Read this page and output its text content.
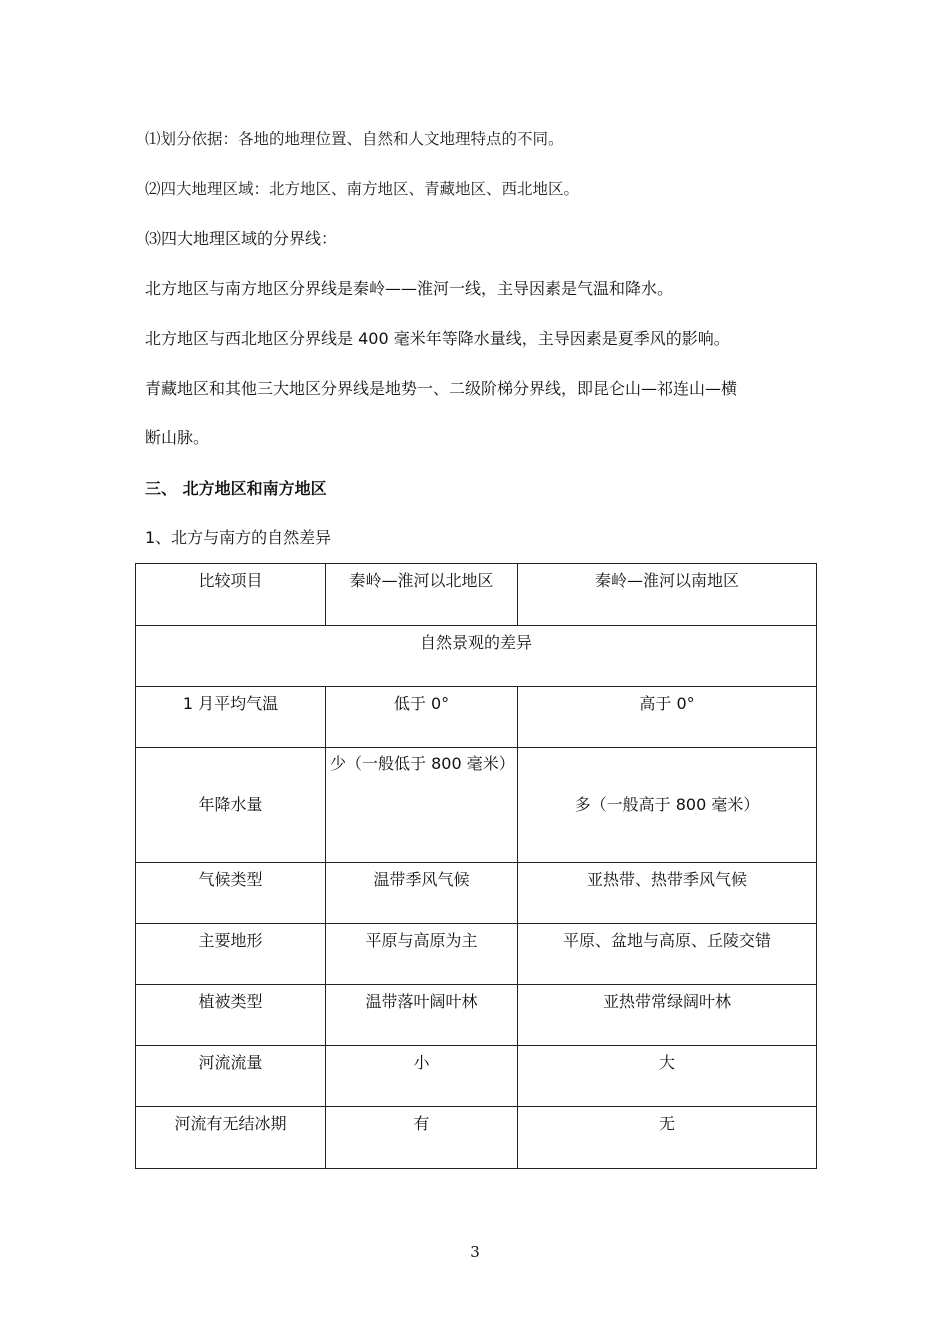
⑴划分依据：各地的地理位置、自然和人文地理特点的不同。
⑵四大地理区域：北方地区、南方地区、青藏地区、西北地区。
⑶四大地理区域的分界线：
北方地区与南方地区分界线是秦岭——淮河一线，主导因素是气温和降水。
北方地区与西北地区分界线是 400 毫米年等降水量线，主导因素是夏季风的影响。
青藏地区和其他三大地区分界线是地势一、二级阶梯分界线，即昆仑山—祁连山—横
断山脉。
三、 北方地区和南方地区
1、北方与南方的自然差异
比较项目	秦岭—淮河以北地区	秦岭—淮河以南地区
自然景观的差异		
1 月平均气温	低于 0°	高于 0°
年降水量	少（一般低于 800 毫米）	多（一般高于 800 毫米）
气候类型	温带季风气候	亚热带、热带季风气候
主要地形	平原与高原为主	平原、盆地与高原、丘陵交错
植被类型	温带落叶阔叶林	亚热带常绿阔叶林
河流流量	小	大
河流有无结冰期	有	无
3
